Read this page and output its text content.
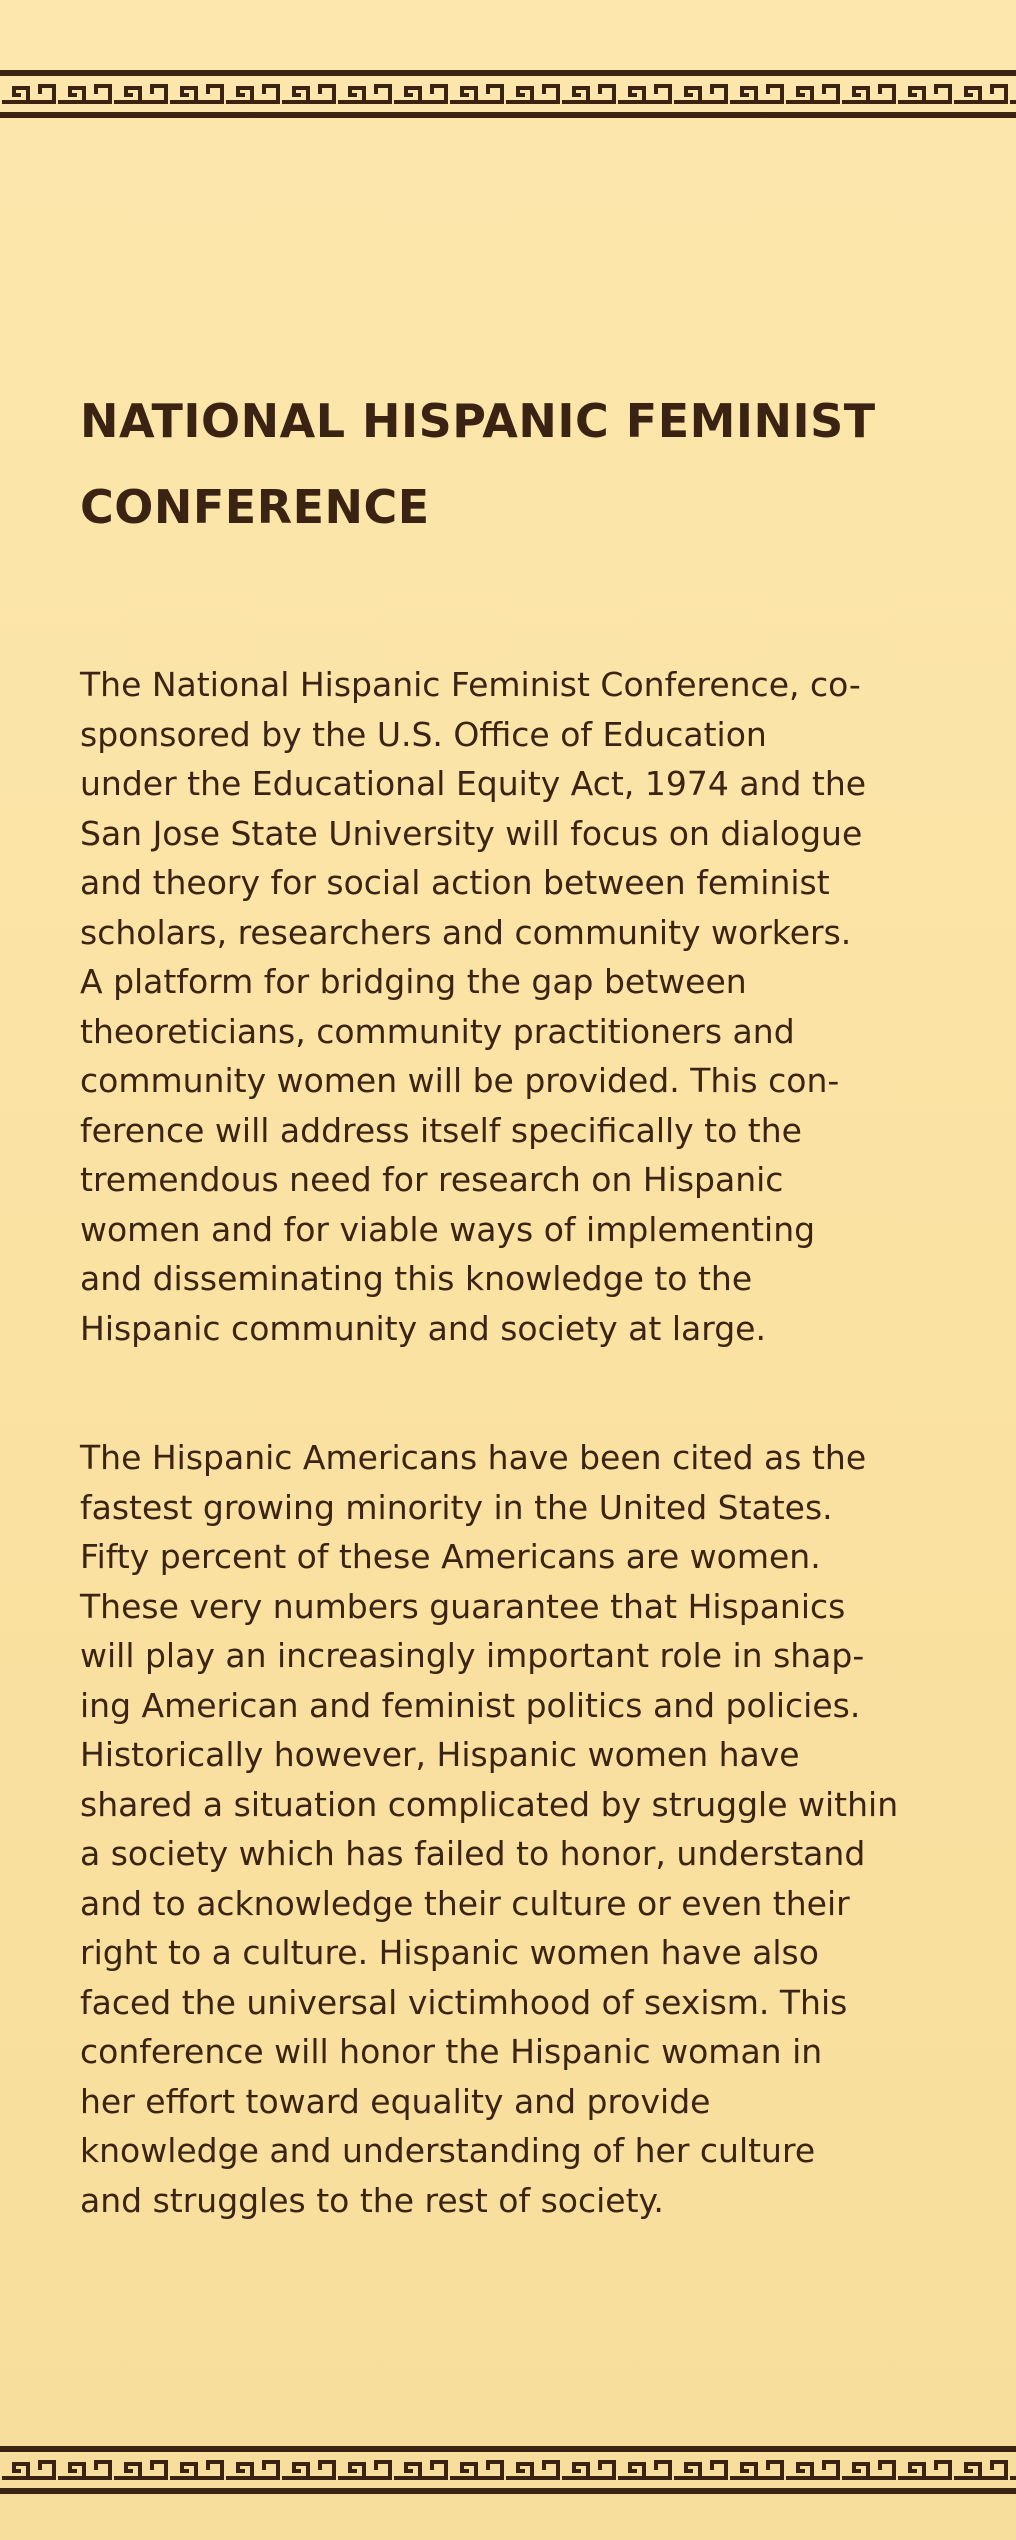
NATIONAL HISPANIC FEMINIST
CONFERENCE
The National Hispanic Feminist Conference, co-
sponsored by the U.S. Office of Education
under the Educational Equity Act, 1974 and the
San Jose State University will focus on dialogue
and theory for social action between feminist
scholars, researchers and community workers.
A platform for bridging the gap between
theoreticians, community practitioners and
community women will be provided. This con-
ference will address itself specifically to the
tremendous need for research on Hispanic
women and for viable ways of implementing
and disseminating this knowledge to the
Hispanic community and society at large.
The Hispanic Americans have been cited as the
fastest growing minority in the United States.
Fifty percent of these Americans are women.
These very numbers guarantee that Hispanics
will play an increasingly important role in shap-
ing American and feminist politics and policies.
Historically however, Hispanic women have
shared a situation complicated by struggle within
a society which has failed to honor, understand
and to acknowledge their culture or even their
right to a culture. Hispanic women have also
faced the universal victimhood of sexism. This
conference will honor the Hispanic woman in
her effort toward equality and provide
knowledge and understanding of her culture
and struggles to the rest of society.
